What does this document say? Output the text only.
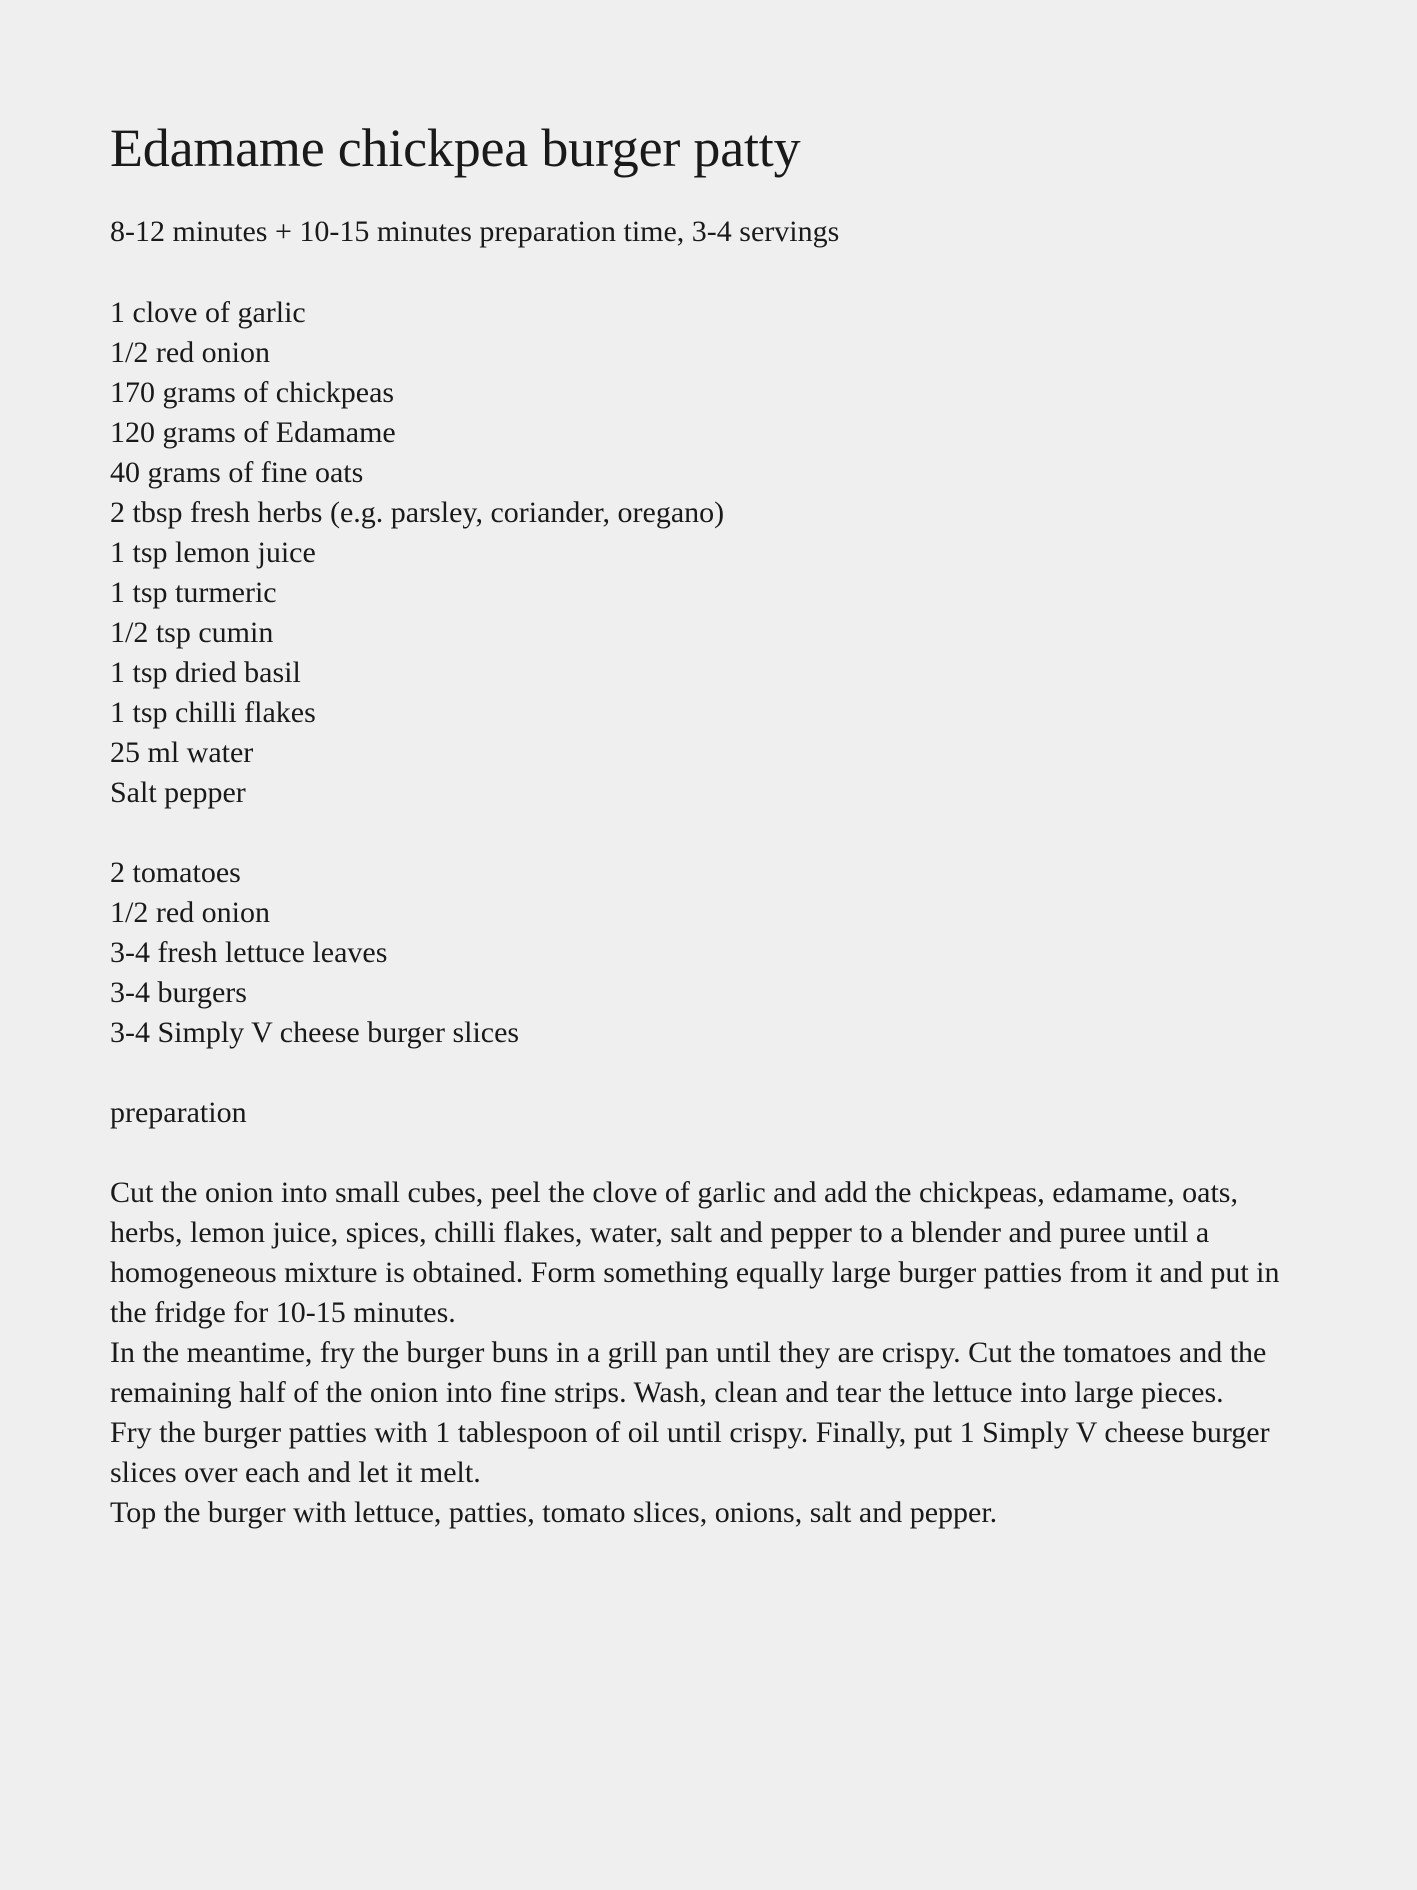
Edamame chickpea burger patty

8-12 minutes + 10-15 minutes preparation time, 3-4 servings

1 clove of garlic
1/2 red onion
170 grams of chickpeas
120 grams of Edamame
40 grams of fine oats
2 tbsp fresh herbs (e.g. parsley, coriander, oregano)
1 tsp lemon juice
1 tsp turmeric
1/2 tsp cumin
1 tsp dried basil
1 tsp chilli flakes
25 ml water
Salt pepper
2 tomatoes
1/2 red onion
3-4 fresh lettuce leaves
3-4 burgers
3-4 Simply V cheese burger slices
preparation

Cut the onion into small cubes, peel the clove of garlic and add the chickpeas, edamame, oats, herbs, lemon juice, spices, chilli flakes, water, salt and pepper to a blender and puree until a homogeneous mixture is obtained. Form something equally large burger patties from it and put in the fridge for 10-15 minutes.

In the meantime, fry the burger buns in a grill pan until they are crispy. Cut the tomatoes and the remaining half of the onion into fine strips. Wash, clean and tear the lettuce into large pieces.

Fry the burger patties with 1 tablespoon of oil until crispy. Finally, put 1 Simply V cheese burger slices over each and let it melt.

Top the burger with lettuce, patties, tomato slices, onions, salt and pepper.
